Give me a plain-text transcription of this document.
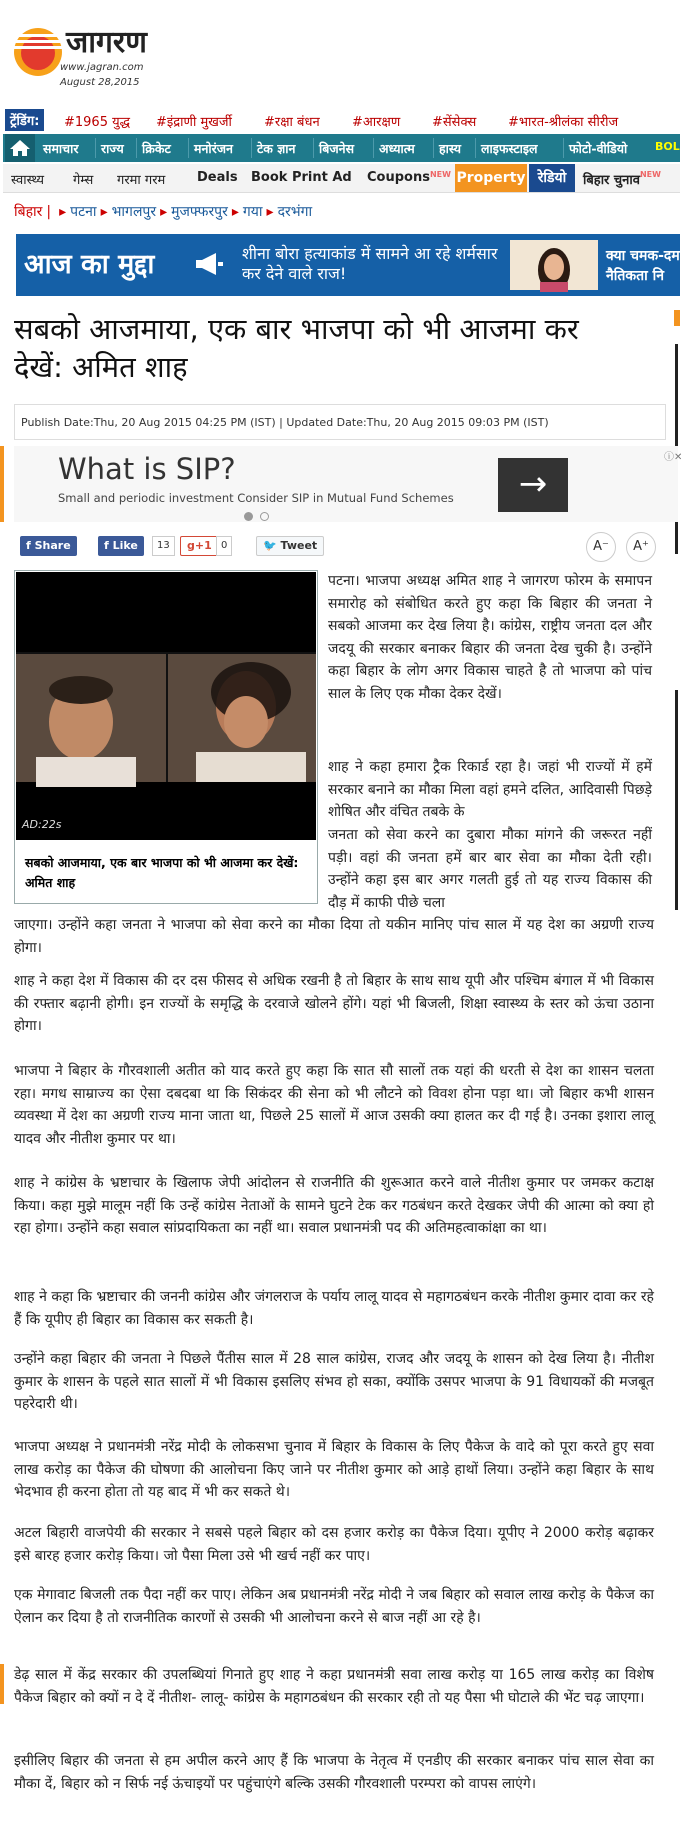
जागरण
www.jagran.com
August 28,2015
ट्रेंडिंग:	#1965 युद्ध #इंद्राणी मुखर्जी #रक्षा बंधन #आरक्षण #सेंसेक्स #भारत-श्रीलंका सीरीज
समाचार राज्य क्रिकेट मनोरंजन टेक ज्ञान बिजनेस अध्यात्म हास्य लाइफस्टाइल	फोटो-वीडियो	BOL
स्वास्थ्य गेम्स गरमा गरम Deals Book Print Ad Coupons$^{NEW}$ Property रेडियो	बिहार चुनाव$^{NEW}$
बिहार | ▸ पटना ▸ भागलपुर ▸ मुजफ्फरपुर ▸ गया ▸ दरभंगा
आज का मुद्दा	शीना बोरा हत्याकांड में सामने आ रहे शर्मसार कर देने वाले राज!
क्या चमक-दम
नैतिकता नि
सबको आजमाया, एक बार भाजपा को भी आजमा कर देखें: अमित शाह
Publish Date:Thu, 20 Aug 2015 04:25 PM (IST) | Updated Date:Thu, 20 Aug 2015 09:03 PM (IST)
What is SIP?
Small and periodic investment Consider SIP in Mutual Fund Schemes	→
ⓘ✕
f Share	f Like	13	g+1 0	🐦 Tweet	A⁻	A⁺
AD:22s
सबको आजमाया, एक बार भाजपा को भी आजमा कर देखें: अमित शाह
पटना। भाजपा अध्यक्ष अमित शाह ने जागरण फोरम के समापन समारोह को संबोधित करते हुए कहा कि बिहार की जनता ने सबको आजमा कर देख लिया है। कांग्रेस, राष्ट्रीय जनता दल और जदयू की सरकार बनाकर बिहार की जनता देख चुकी है। उन्होंने कहा बिहार के लोग अगर विकास चाहते है तो भाजपा को पांच साल के लिए एक मौका देकर देखें।
शाह ने कहा हमारा ट्रैक रिकार्ड रहा है। जहां भी राज्यों में हमें सरकार बनाने का मौका मिला वहां हमने दलित, आदिवासी पिछड़े शोषित और वंचित तबके के
जनता को सेवा करने का दुबारा मौका मांगने की जरूरत नहीं पड़ी। वहां की जनता हमें बार बार सेवा का मौका देती रही। उन्होंने कहा इस बार अगर गलती हुई तो यह राज्य विकास की दौड़ में काफी पीछे चला
जाएगा। उन्होंने कहा जनता ने भाजपा को सेवा करने का मौका दिया तो यकीन मानिए पांच साल में यह देश का अग्रणी राज्य होगा।
शाह ने कहा देश में विकास की दर दस फीसद से अधिक रखनी है तो बिहार के साथ साथ यूपी और पश्चिम बंगाल में भी विकास की रफ्तार बढ़ानी होगी। इन राज्यों के समृद्धि के दरवाजे खोलने होंगे। यहां भी बिजली, शिक्षा स्वास्थ्य के स्तर को ऊंचा उठाना होगा।
भाजपा ने बिहार के गौरवशाली अतीत को याद करते हुए कहा कि सात सौ सालों तक यहां की धरती से देश का शासन चलता रहा। मगध साम्राज्य का ऐसा दबदबा था कि सिकंदर की सेना को भी लौटने को विवश होना पड़ा था। जो बिहार कभी शासन व्यवस्था में देश का अग्रणी राज्य माना जाता था, पिछले 25 सालों में आज उसकी क्या हालत कर दी गई है। उनका इशारा लालू यादव और नीतीश कुमार पर था।
शाह ने कांग्रेस के भ्रष्टाचार के खिलाफ जेपी आंदोलन से राजनीति की शुरूआत करने वाले नीतीश कुमार पर जमकर कटाक्ष किया। कहा मुझे मालूम नहीं कि उन्हें कांग्रेस नेताओं के सामने घुटने टेक कर गठबंधन करते देखकर जेपी की आत्मा को क्या हो रहा होगा। उन्होंने कहा सवाल सांप्रदायिकता का नहीं था। सवाल प्रधानमंत्री पद की अतिमहत्वाकांक्षा का था।
शाह ने कहा कि भ्रष्टाचार की जननी कांग्रेस और जंगलराज के पर्याय लालू यादव से महागठबंधन करके नीतीश कुमार दावा कर रहे हैं कि यूपीए ही बिहार का विकास कर सकती है।
उन्होंने कहा बिहार की जनता ने पिछले पैंतीस साल में 28 साल कांग्रेस, राजद और जदयू के शासन को देख लिया है। नीतीश कुमार के शासन के पहले सात सालों में भी विकास इसलिए संभव हो सका, क्योंकि उसपर भाजपा के 91 विधायकों की मजबूत पहरेदारी थी।
भाजपा अध्यक्ष ने प्रधानमंत्री नरेंद्र मोदी के लोकसभा चुनाव में बिहार के विकास के लिए पैकेज के वादे को पूरा करते हुए सवा लाख करोड़ का पैकेज की घोषणा की आलोचना किए जाने पर नीतीश कुमार को आड़े हाथों लिया। उन्होंने कहा बिहार के साथ भेदभाव ही करना होता तो यह बाद में भी कर सकते थे।
अटल बिहारी वाजपेयी की सरकार ने सबसे पहले बिहार को दस हजार करोड़ का पैकेज दिया। यूपीए ने 2000 करोड़ बढ़ाकर इसे बारह हजार करोड़ किया। जो पैसा मिला उसे भी खर्च नहीं कर पाए।
एक मेगावाट बिजली तक पैदा नहीं कर पाए। लेकिन अब प्रधानमंत्री नरेंद्र मोदी ने जब बिहार को सवाल लाख करोड़ के पैकेज का ऐलान कर दिया है तो राजनीतिक कारणों से उसकी भी आलोचना करने से बाज नहीं आ रहे है।
डेढ़ साल में केंद्र सरकार की उपलब्धियां गिनाते हुए शाह ने कहा प्रधानमंत्री सवा लाख करोड़ या 165 लाख करोड़ का विशेष पैकेज बिहार को क्यों न दे दें नीतीश- लालू- कांग्रेस के महागठबंधन की सरकार रही तो यह पैसा भी घोटाले की भेंट चढ़ जाएगा।
इसीलिए बिहार की जनता से हम अपील करने आए हैं कि भाजपा के नेतृत्व में एनडीए की सरकार बनाकर पांच साल सेवा का मौका दें, बिहार को न सिर्फ नई ऊंचाइयों पर पहुंचाएंगे बल्कि उसकी गौरवशाली परम्परा को वापस लाएंगे।
